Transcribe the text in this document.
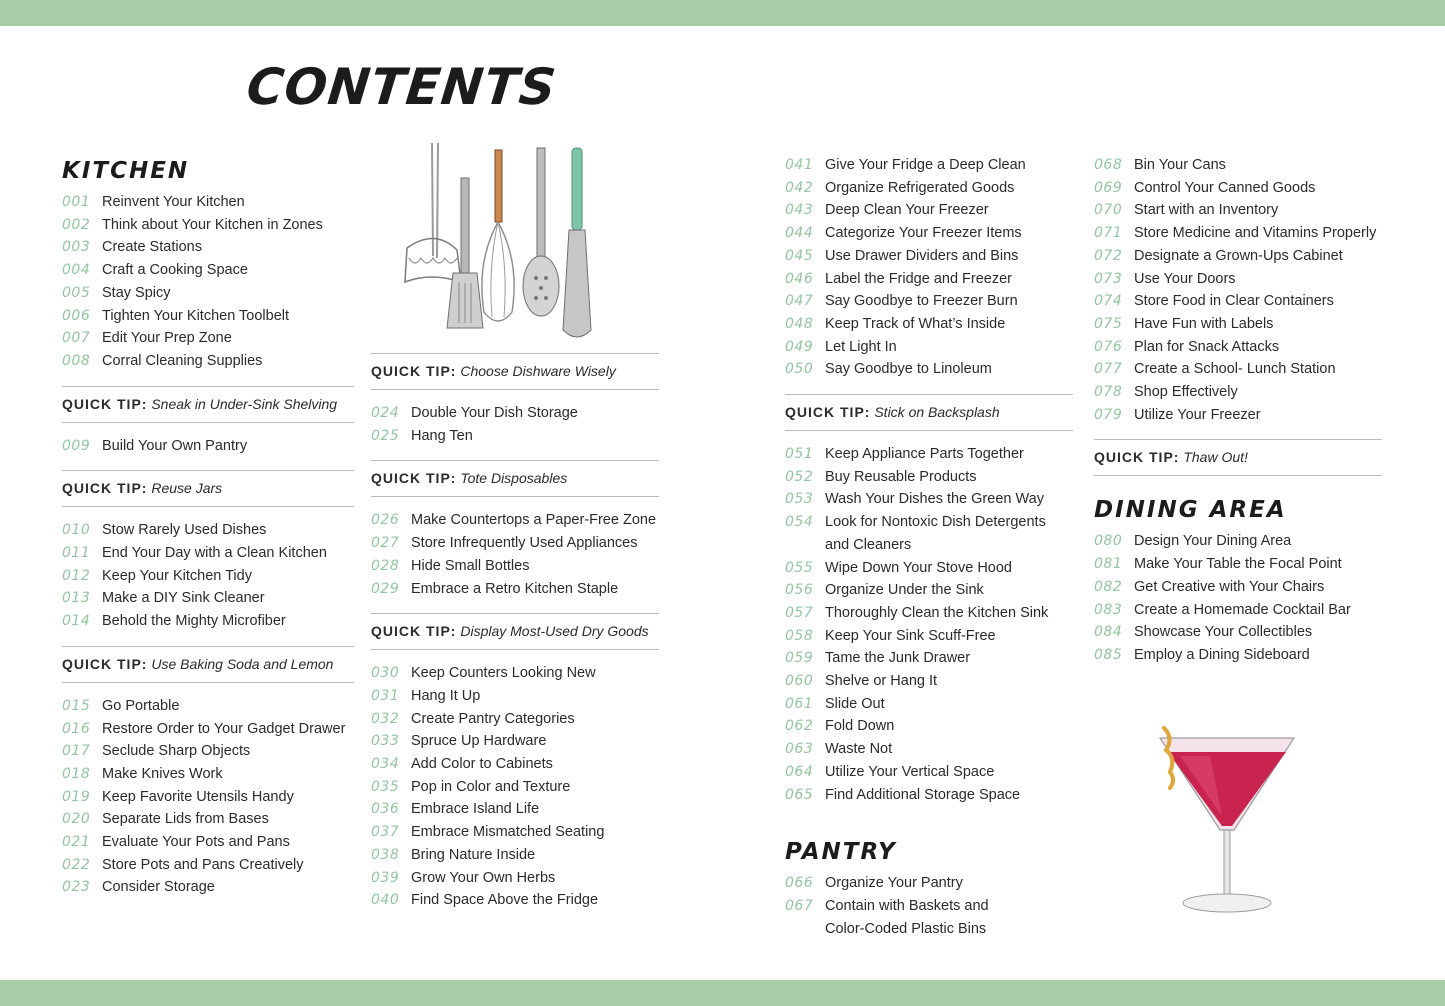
CONTENTS
KITCHEN
001 Reinvent Your Kitchen
002 Think about Your Kitchen in Zones
003 Create Stations
004 Craft a Cooking Space
005 Stay Spicy
006 Tighten Your Kitchen Toolbelt
007 Edit Your Prep Zone
008 Corral Cleaning Supplies
QUICK TIP: Sneak in Under-Sink Shelving
009 Build Your Own Pantry
QUICK TIP: Reuse Jars
010 Stow Rarely Used Dishes
011 End Your Day with a Clean Kitchen
012 Keep Your Kitchen Tidy
013 Make a DIY Sink Cleaner
014 Behold the Mighty Microfiber
QUICK TIP: Use Baking Soda and Lemon
015 Go Portable
016 Restore Order to Your Gadget Drawer
017 Seclude Sharp Objects
018 Make Knives Work
019 Keep Favorite Utensils Handy
020 Separate Lids from Bases
021 Evaluate Your Pots and Pans
022 Store Pots and Pans Creatively
023 Consider Storage
QUICK TIP: Choose Dishware Wisely
024 Double Your Dish Storage
025 Hang Ten
QUICK TIP: Tote Disposables
026 Make Countertops a Paper-Free Zone
027 Store Infrequently Used Appliances
028 Hide Small Bottles
029 Embrace a Retro Kitchen Staple
QUICK TIP: Display Most-Used Dry Goods
030 Keep Counters Looking New
031 Hang It Up
032 Create Pantry Categories
033 Spruce Up Hardware
034 Add Color to Cabinets
035 Pop in Color and Texture
036 Embrace Island Life
037 Embrace Mismatched Seating
038 Bring Nature Inside
039 Grow Your Own Herbs
040 Find Space Above the Fridge
041 Give Your Fridge a Deep Clean
042 Organize Refrigerated Goods
043 Deep Clean Your Freezer
044 Categorize Your Freezer Items
045 Use Drawer Dividers and Bins
046 Label the Fridge and Freezer
047 Say Goodbye to Freezer Burn
048 Keep Track of What’s Inside
049 Let Light In
050 Say Goodbye to Linoleum
QUICK TIP: Stick on Backsplash
051 Keep Appliance Parts Together
052 Buy Reusable Products
053 Wash Your Dishes the Green Way
054 Look for Nontoxic Dish Detergents
and Cleaners
055 Wipe Down Your Stove Hood
056 Organize Under the Sink
057 Thoroughly Clean the Kitchen Sink
058 Keep Your Sink Scuff-Free
059 Tame the Junk Drawer
060 Shelve or Hang It
061 Slide Out
062 Fold Down
063 Waste Not
064 Utilize Your Vertical Space
065 Find Additional Storage Space
PANTRY
066 Organize Your Pantry
067 Contain with Baskets and
Color-Coded Plastic Bins
068 Bin Your Cans
069 Control Your Canned Goods
070 Start with an Inventory
071 Store Medicine and Vitamins Properly
072 Designate a Grown-Ups Cabinet
073 Use Your Doors
074 Store Food in Clear Containers
075 Have Fun with Labels
076 Plan for Snack Attacks
077 Create a School- Lunch Station
078 Shop Effectively
079 Utilize Your Freezer
QUICK TIP: Thaw Out!
DINING AREA
080 Design Your Dining Area
081 Make Your Table the Focal Point
082 Get Creative with Your Chairs
083 Create a Homemade Cocktail Bar
084 Showcase Your Collectibles
085 Employ a Dining Sideboard
